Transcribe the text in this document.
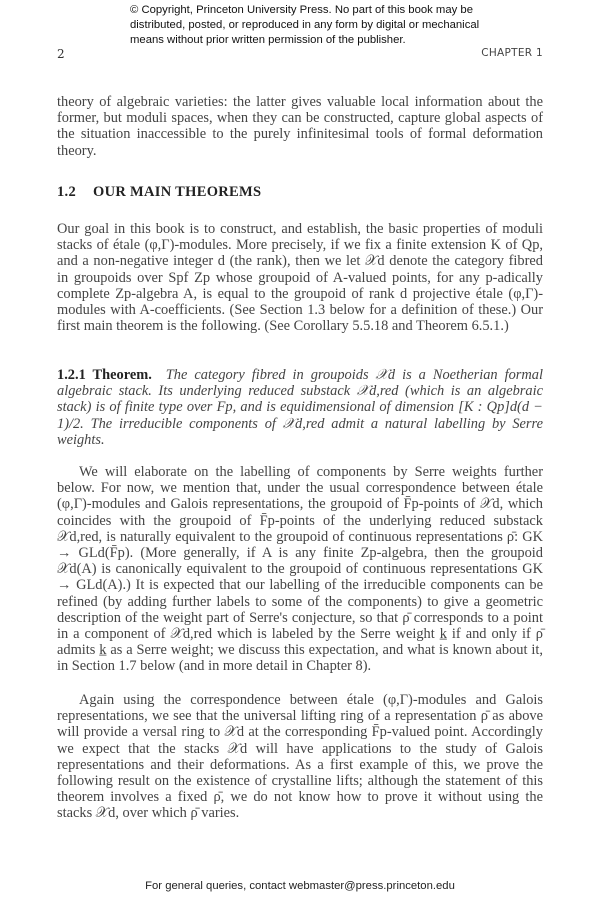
© Copyright, Princeton University Press. No part of this book may be
distributed, posted, or reproduced in any form by digital or mechanical
means without prior written permission of the publisher.
2	CHAPTER 1

theory of algebraic varieties: the latter gives valuable local information about the former, but moduli spaces, when they can be constructed, capture global aspects of the situation inaccessible to the purely infinitesimal tools of formal deformation theory.

1.2 OUR MAIN THEOREMS

Our goal in this book is to construct, and establish, the basic properties of moduli stacks of étale (φ,Γ)-modules. More precisely, if we fix a finite extension K of Qp, and a non-negative integer d (the rank), then we let 𝒳d denote the category fibred in groupoids over Spf Zp whose groupoid of A-valued points, for any p-adically complete Zp-algebra A, is equal to the groupoid of rank d projective étale (φ,Γ)-modules with A-coefficients. (See Section 1.3 below for a definition of these.) Our first main theorem is the following. (See Corollary 5.5.18 and Theorem 6.5.1.)

1.2.1 Theorem. The category fibred in groupoids 𝒳d is a Noetherian formal algebraic stack. Its underlying reduced substack 𝒳d,red (which is an algebraic stack) is of finite type over Fp, and is equidimensional of dimension [K : Qp]d(d − 1)/2. The irreducible components of 𝒳d,red admit a natural labelling by Serre weights.

We will elaborate on the labelling of components by Serre weights further below. For now, we mention that, under the usual correspondence between étale (φ,Γ)-modules and Galois representations, the groupoid of F̄p-points of 𝒳d, which coincides with the groupoid of F̄p-points of the underlying reduced substack 𝒳d,red, is naturally equivalent to the groupoid of continuous representations ρ̄: GK → GLd(F̄p). (More generally, if A is any finite Zp-algebra, then the groupoid 𝒳d(A) is canonically equivalent to the groupoid of continuous representations GK → GLd(A).) It is expected that our labelling of the irreducible components can be refined (by adding further labels to some of the components) to give a geometric description of the weight part of Serre's conjecture, so that ρ̄ corresponds to a point in a component of 𝒳d,red which is labeled by the Serre weight k̲ if and only if ρ̄ admits k̲ as a Serre weight; we discuss this expectation, and what is known about it, in Section 1.7 below (and in more detail in Chapter 8).

Again using the correspondence between étale (φ,Γ)-modules and Galois representations, we see that the universal lifting ring of a representation ρ̄ as above will provide a versal ring to 𝒳d at the corresponding F̄p-valued point. Accordingly we expect that the stacks 𝒳d will have applications to the study of Galois representations and their deformations. As a first example of this, we prove the following result on the existence of crystalline lifts; although the statement of this theorem involves a fixed ρ̄, we do not know how to prove it without using the stacks 𝒳d, over which ρ̄ varies.

For general queries, contact webmaster@press.princeton.edu
